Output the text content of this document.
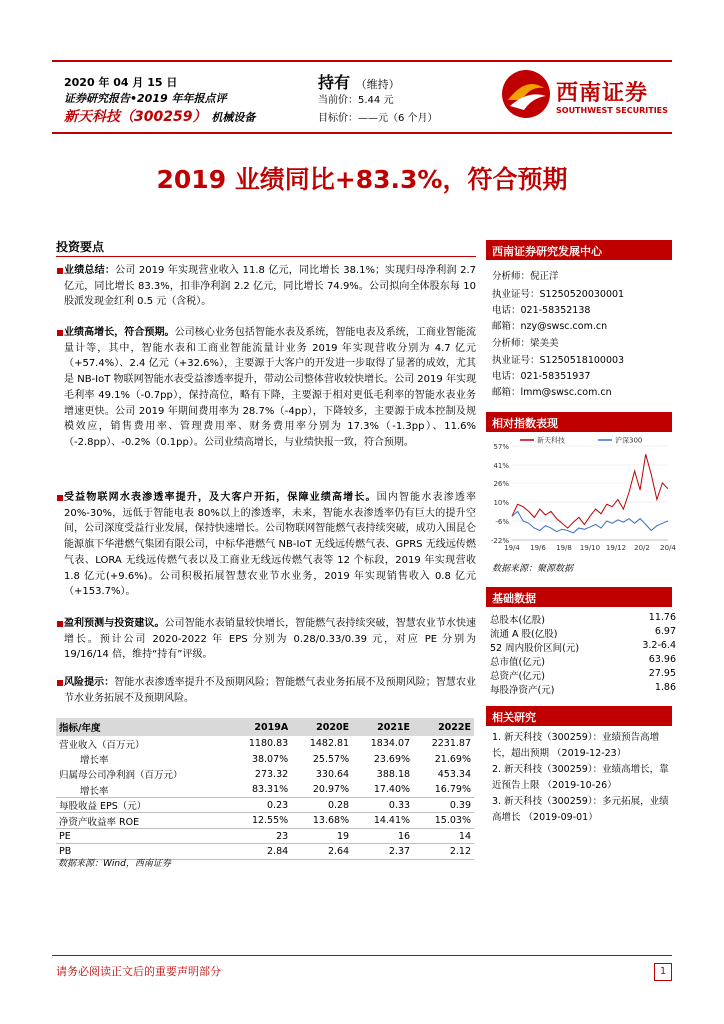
2020 年 04 月 15 日
证券研究报告•2019 年年报点评
新天科技（300259） 机械设备
持有 （维持）
当前价：5.44 元
目标价：——元（6 个月）
西南证券
SOUTHWEST SECURITIES
2019 业绩同比+83.3%，符合预期
投资要点
业绩总结：公司 2019 年实现营业收入 11.8 亿元，同比增长 38.1%；实现归母净利润 2.7 亿元，同比增长 83.3%，扣非净利润 2.2 亿元，同比增长 74.9%。公司拟向全体股东每 10 股派发现金红利 0.5 元（含税）。
业绩高增长，符合预期。公司核心业务包括智能水表及系统，智能电表及系统，工商业智能流量计等，其中，智能水表和工商业智能流量计业务 2019 年实现营收分别为 4.7 亿元（+57.4%）、2.4 亿元（+32.6%），主要源于大客户的开发进一步取得了显著的成效，尤其是 NB-IoT 物联网智能水表受益渗透率提升，带动公司整体营收较快增长。公司 2019 年实现毛利率 49.1%（-0.7pp），保持高位，略有下降，主要源于相对更低毛利率的智能水表业务增速更快。公司 2019 年期间费用率为 28.7%（-4pp），下降较多，主要源于成本控制及规模效应，销售费用率、管理费用率、财务费用率分别为 17.3%（-1.3pp）、11.6%（-2.8pp）、-0.2%（0.1pp）。公司业绩高增长，与业绩快报一致，符合预期。
受益物联网水表渗透率提升，及大客户开拓，保障业绩高增长。国内智能水表渗透率 20%-30%，远低于智能电表 80%以上的渗透率，未来，智能水表渗透率仍有巨大的提升空间，公司深度受益行业发展，保持快速增长。公司物联网智能燃气表持续突破，成功入围昆仑能源旗下华港燃气集团有限公司，中标华港燃气 NB-IoT 无线远传燃气表、GPRS 无线远传燃气表、LORA 无线远传燃气表以及工商业无线远传燃气表等 12 个标段，2019 年实现营收 1.8 亿元(+9.6%)。公司积极拓展智慧农业节水业务，2019 年实现销售收入 0.8 亿元（+153.7%）。
盈利预测与投资建议。公司智能水表销量较快增长，智能燃气表持续突破，智慧农业节水快速增长。预计公司 2020-2022 年 EPS 分别为 0.28/0.33/0.39 元，对应 PE 分别为 19/16/14 倍，维持“持有”评级。
风险提示：智能水表渗透率提升不及预期风险；智能燃气表业务拓展不及预期风险；智慧农业节水业务拓展不及预期风险。
指标/年度	2019A	2020E	2021E	2022E
营业收入（百万元）	1180.83	1482.81	1834.07	2231.87
增长率	38.07%	25.57%	23.69%	21.69%
归属母公司净利润（百万元）	273.32	330.64	388.18	453.34
增长率	83.31%	20.97%	17.40%	16.79%
每股收益 EPS（元）	0.23	0.28	0.33	0.39
净资产收益率 ROE	12.55%	13.68%	14.41%	15.03%
PE	23	19	16	14
PB	2.84	2.64	2.37	2.12
数据来源：Wind，西南证券
西南证券研究发展中心
分析师：倪正洋
执业证号：S1250520030001
电话：021-58352138
邮箱：nzy@swsc.com.cn
分析师：梁美美
执业证号：S1250518100003
电话：021-58351937
邮箱：lmm@swsc.com.cn
相对指数表现
57%
41%
26%
10%
-6%
-22%
19/4 19/6 19/8 19/10 19/12 20/2 20/4
新天科技	沪深300
数据来源：聚源数据
基础数据
总股本(亿股)	11.76
流通 A 股(亿股)	6.97
52 周内股价区间(元)	3.2-6.4
总市值(亿元)	63.96
总资产(亿元)	27.95
每股净资产(元)	1.86
相关研究
1. 新天科技（300259）：业绩预告高增长，超出预期 （2019-12-23）
2. 新天科技（300259）：业绩高增长，靠近预告上限 （2019-10-26）
3. 新天科技（300259）：多元拓展，业绩高增长 （2019-09-01）
请务必阅读正文后的重要声明部分	1
